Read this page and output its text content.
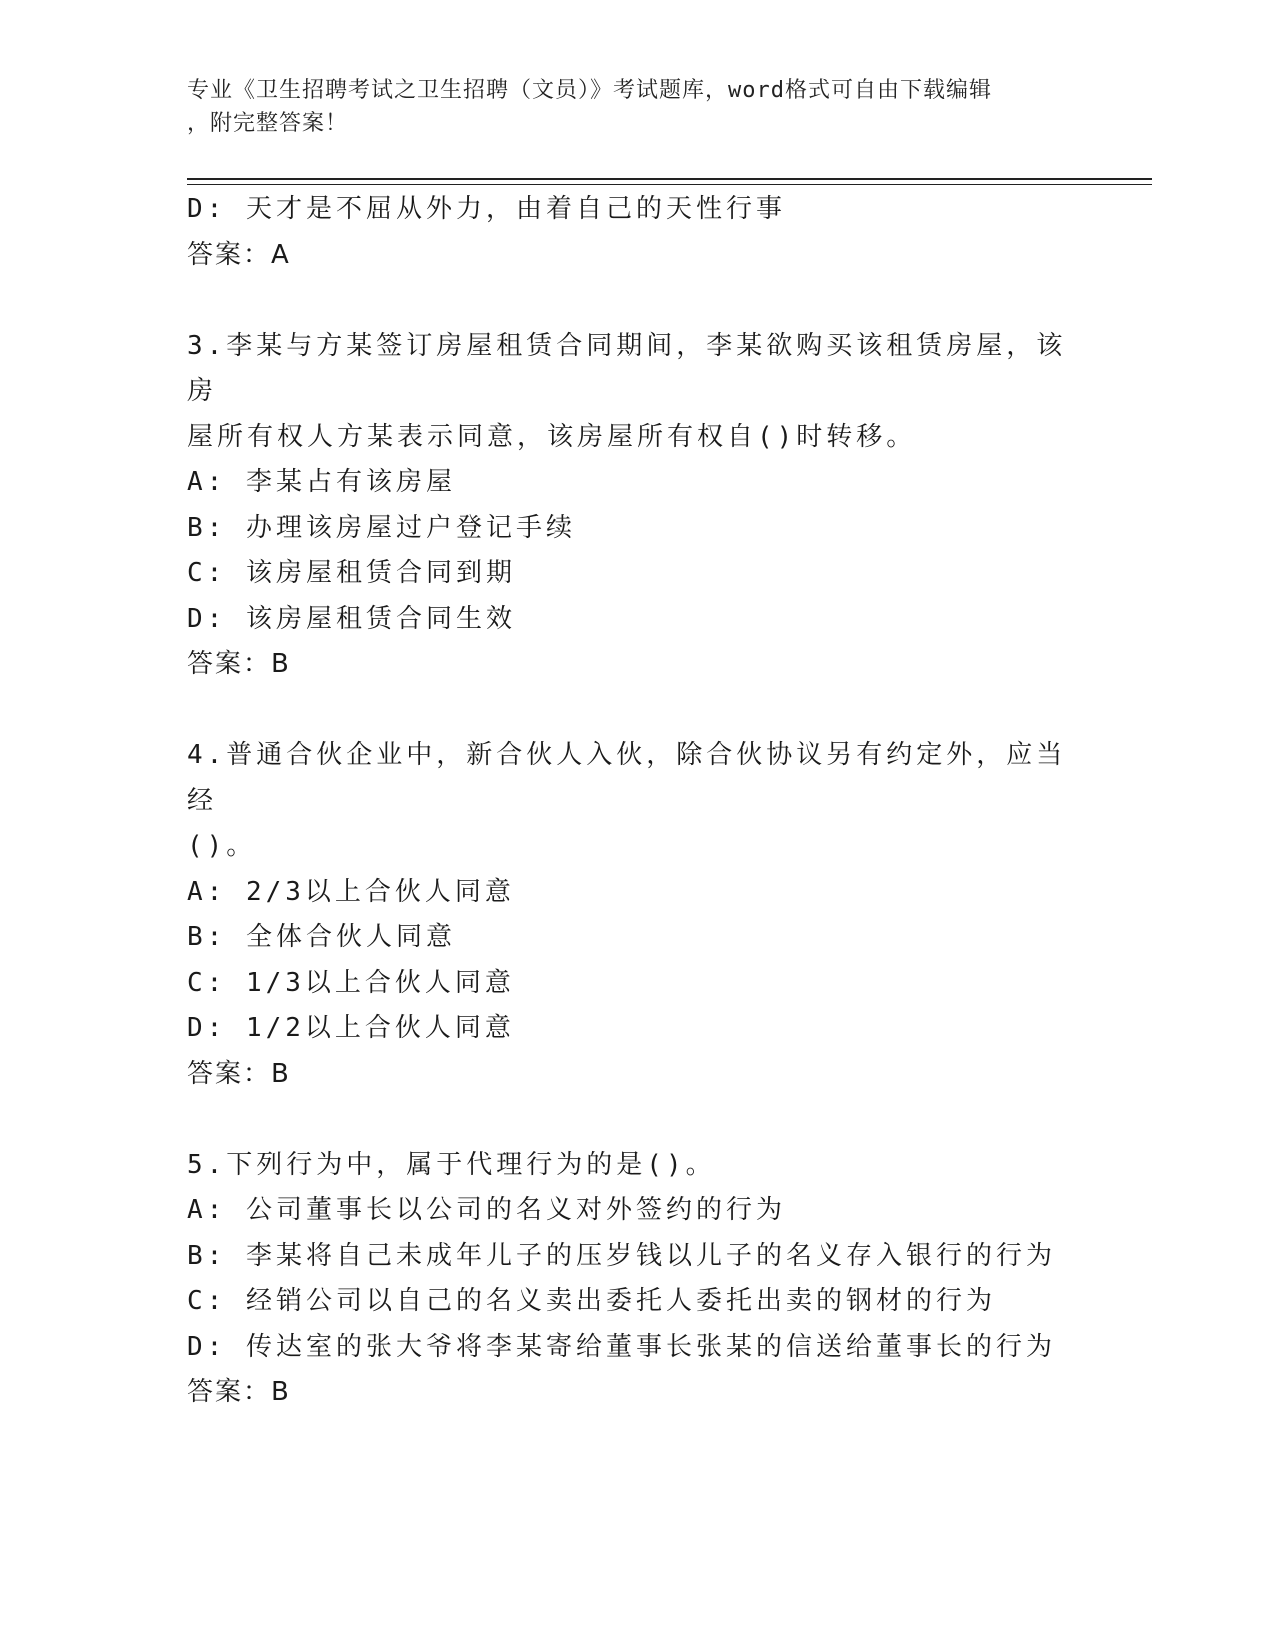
专业《卫生招聘考试之卫生招聘（文员）》考试题库，word格式可自由下载编辑
，附完整答案！
D: 天才是不屈从外力，由着自己的天性行事
答案：A
3.李某与方某签订房屋租赁合同期间，李某欲购买该租赁房屋，该房
屋所有权人方某表示同意，该房屋所有权自()时转移。
A: 李某占有该房屋
B: 办理该房屋过户登记手续
C: 该房屋租赁合同到期
D: 该房屋租赁合同生效
答案：B
4.普通合伙企业中，新合伙人入伙，除合伙协议另有约定外，应当经
()。
A: 2/3以上合伙人同意
B: 全体合伙人同意
C: 1/3以上合伙人同意
D: 1/2以上合伙人同意
答案：B
5.下列行为中，属于代理行为的是()。
A: 公司董事长以公司的名义对外签约的行为
B: 李某将自己未成年儿子的压岁钱以儿子的名义存入银行的行为
C: 经销公司以自己的名义卖出委托人委托出卖的钢材的行为
D: 传达室的张大爷将李某寄给董事长张某的信送给董事长的行为
答案：B
